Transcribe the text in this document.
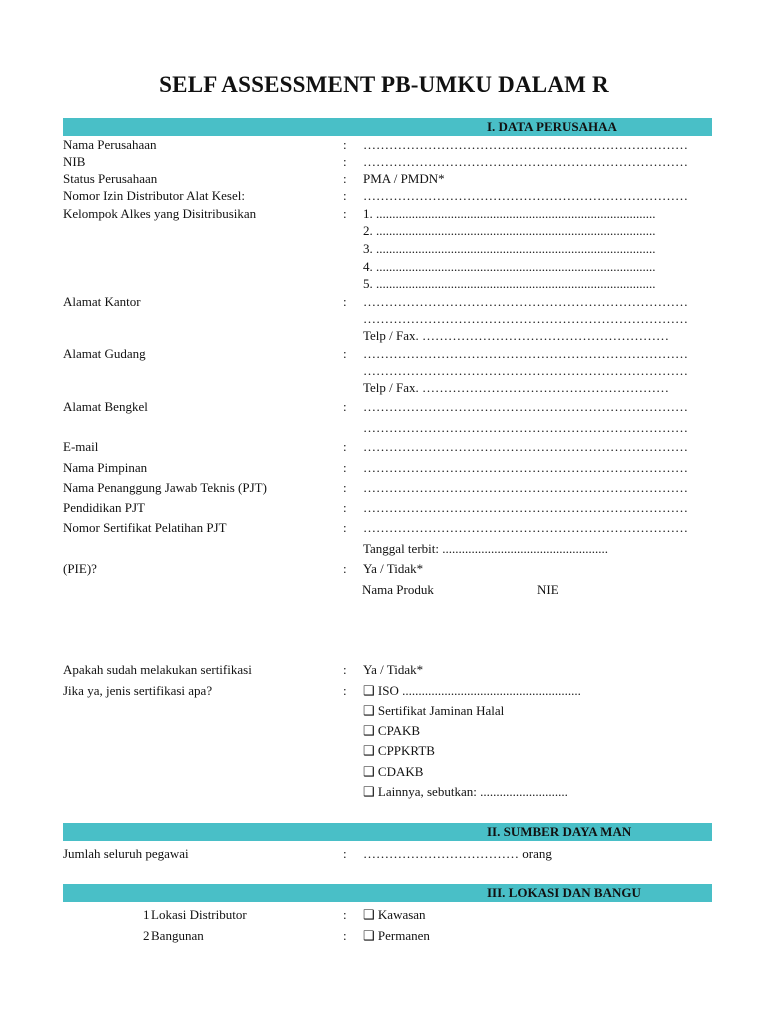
SELF ASSESSMENT PB-UMKU DALAM R
I. DATA PERUSAHAA
Nama Perusahaan	: …………………………………………………………………
NIB	: …………………………………………………………………
Status Perusahaan	: PMA / PMDN*
Nomor Izin Distributor Alat Kesel:	: …………………………………………………………………
Kelompok Alkes yang Disitribusikan	: 1. ......................................................................................
2. ......................................................................................
3. ......................................................................................
4. ......................................................................................
5. ......................................................................................
Alamat Kantor	: …………………………………………………………………
…………………………………………………………………
Telp / Fax. …………………………………………………
Alamat Gudang	: …………………………………………………………………
…………………………………………………………………
Telp / Fax. …………………………………………………
Alamat Bengkel	: …………………………………………………………………
…………………………………………………………………
E-mail	: …………………………………………………………………
Nama Pimpinan	: …………………………………………………………………
Nama Penanggung Jawab Teknis (PJT)	: …………………………………………………………………
Pendidikan PJT	: …………………………………………………………………
Nomor Sertifikat Pelatihan PJT	: …………………………………………………………………
Tanggal terbit: ...................................................
(PIE)?	: Ya / Tidak*
Nama Produk	NIE
Apakah sudah melakukan sertifikasi	: Ya / Tidak*
Jika ya, jenis sertifikasi apa?	: ❑ ISO .......................................................
❑ Sertifikat Jaminan Halal
❑ CPAKB
❑ CPPKRTB
❑ CDAKB
❑ Lainnya, sebutkan: ...........................
II. SUMBER DAYA MAN
Jumlah seluruh pegawai	: ……………………………… orang
III. LOKASI DAN BANGU
1 Lokasi Distributor	: ❑ Kawasan
2 Bangunan	: ❑ Permanen
